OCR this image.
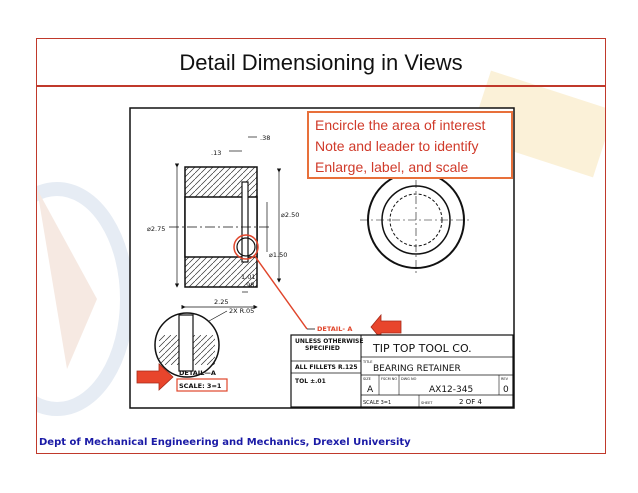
Detail Dimensioning in Views
.38
.13
⌀2.75
⌀2.50
⌀1.50
1.01
.98
2.25
DETAIL- A
2X R.05
DETAIL—A
SCALE: 3=1
UNLESS OTHERWISE
SPECIFIED
ALL FILLETS R.125
TOL ±.01
TIP TOP TOOL CO.
TITLE
BEARING RETAINER
SIZE
A
FSCM NO DWG NO
AX12-345
REV
0
SCALE 3=1	SHEET	2 OF 4
Encircle the area of interest
Note and leader to identify
Enlarge, label, and scale
Dept of Mechanical Engineering and Mechanics, Drexel University
